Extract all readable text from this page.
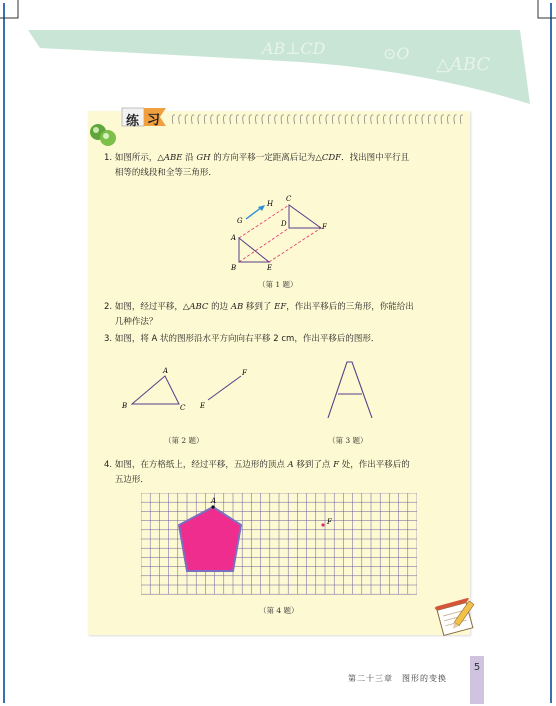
AB⊥CD	⊙O
△ABC
练 习
1. 如图所示，△ABE 沿 GH 的方向平移一定距离后记为△CDF．找出图中平行且
相等的线段和全等三角形．
G
H
C
D	F
A
B	E
（第 1 题）
2. 如图，经过平移，△ABC 的边 AB 移到了 EF，作出平移后的三角形，你能给出
几种作法？
3. 如图，将 A 状的图形沿水平方向向右平移 2 cm，作出平移后的图形．
A
B	C E
F
（第 2 题）	（第 3 题）
4. 如图，在方格纸上，经过平移，五边形的顶点 A 移到了点 F 处，作出平移后的
五边形．
A
F
（第 4 题）
第二十三章　图形的变换
5
